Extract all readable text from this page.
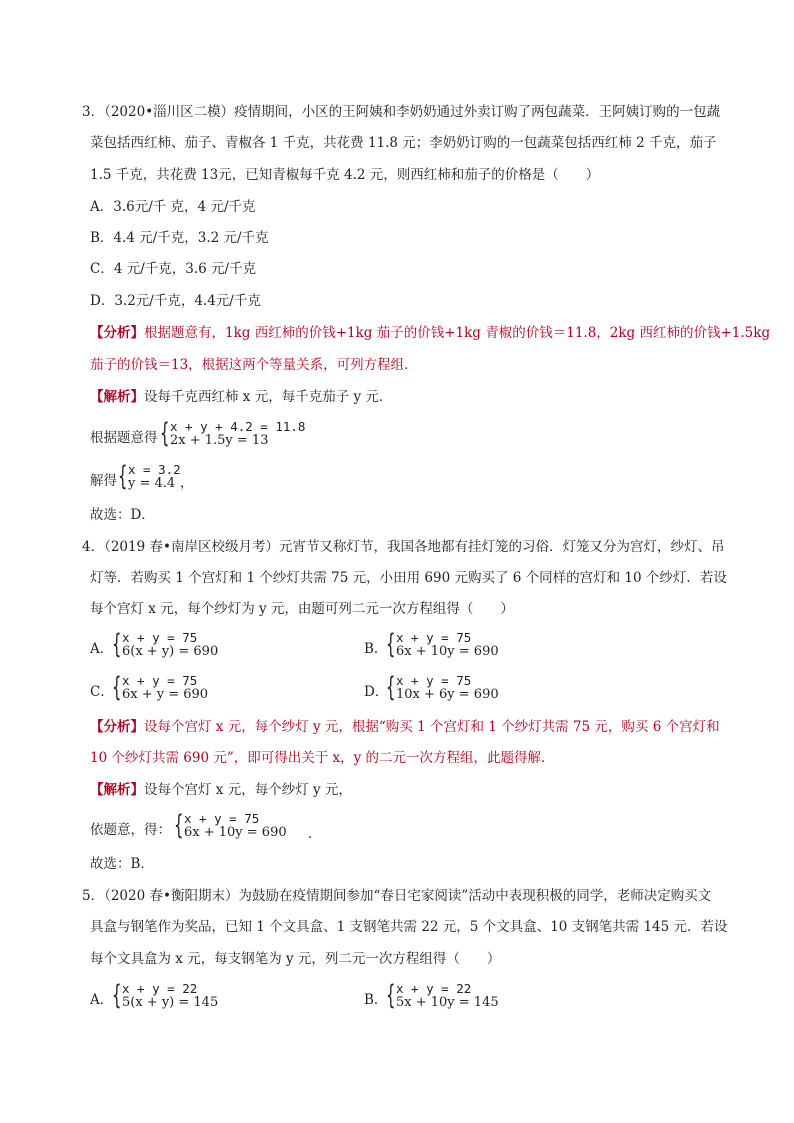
3．（2020•淄川区二模）疫情期间，小区的王阿姨和李奶奶通过外卖订购了两包蔬菜．王阿姨订购的一包蔬
菜包括西红柿、茄子、青椒各 1 千克，共花费 11.8 元；李奶奶订购的一包蔬菜包括西红柿 2 千克，茄子
1.5 千克，共花费 13元，已知青椒每千克 4.2 元，则西红柿和茄子的价格是（　　）
A．3.6元/千 克，4 元/千克
B．4.4 元/千克，3.2 元/千克
C．4 元/千克，3.6 元/千克
D．3.2元/千克，4.4元/千克
【分析】根据题意有，1kg 西红柿的价钱+1kg 茄子的价钱+1kg 青椒的价钱＝11.8，2kg 西红柿的价钱+1.5kg
茄子的价钱＝13，根据这两个等量关系，可列方程组．
【解析】设每千克西红柿 x 元，每千克茄子 y 元．
根据题意得 { x + y + 4.2 = 11.8
2x + 1.5y = 13
解得 { x = 3.2
y = 4.4 ，
故选：D．
4．（2019 春•南岸区校级月考）元宵节又称灯节，我国各地都有挂灯笼的习俗．灯笼又分为宫灯，纱灯、吊
灯等．若购买 1 个宫灯和 1 个纱灯共需 75 元，小田用 690 元购买了 6 个同样的宫灯和 10 个纱灯．若设
每个宫灯 x 元，每个纱灯为 y 元，由题可列二元一次方程组得（　　）
A．
{ x + y = 75
6(x + y) = 690	B．
{ x + y = 75
6x + 10y = 690
C．
{ x + y = 75
6x + y = 690	D．
{ x + y = 75
10x + 6y = 690
【分析】设每个宫灯 x 元，每个纱灯 y 元，根据“购买 1 个宫灯和 1 个纱灯共需 75 元，购买 6 个宫灯和
10 个纱灯共需 690 元”，即可得出关于 x，y 的二元一次方程组，此题得解．
【解析】设每个宫灯 x 元，每个纱灯 y 元，
依题意，得： { x + y = 75
6x + 10y = 690 ．
故选：B．
5．（2020 春•衡阳期末）为鼓励在疫情期间参加“春日宅家阅读”活动中表现积极的同学，老师决定购买文
具盒与钢笔作为奖品，已知 1 个文具盒、1 支钢笔共需 22 元，5 个文具盒、10 支钢笔共需 145 元．若设
每个文具盒为 x 元，每支钢笔为 y 元，列二元一次方程组得（　　）
A．
{ x + y = 22
5(x + y) = 145	B．
{ x + y = 22
5x + 10y = 145
